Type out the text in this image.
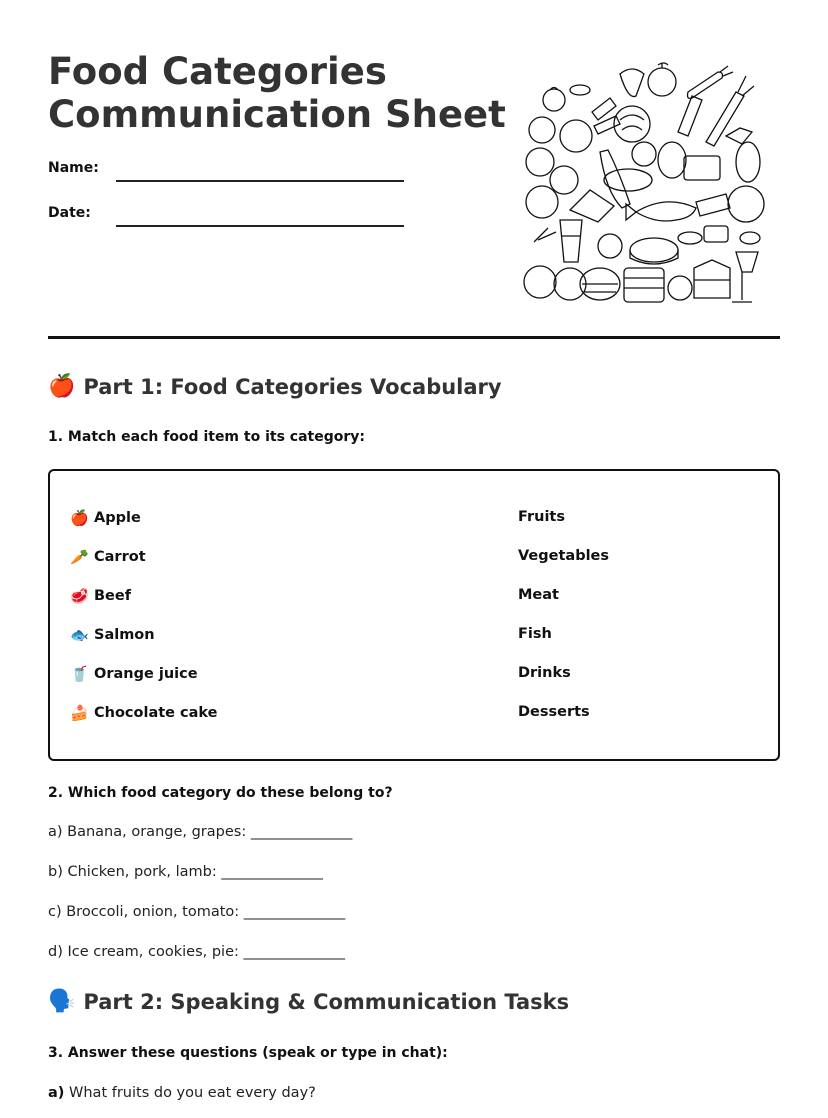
Food Categories
Communication Sheet
Name:
Date:
🍎 Part 1: Food Categories Vocabulary
1. Match each food item to its category:
🍎 Apple
🥕 Carrot
🥩 Beef
🐟 Salmon
🥤 Orange juice
🍰 Chocolate cake
Fruits
Vegetables
Meat
Fish
Drinks
Desserts
2. Which food category do these belong to?
a) Banana, orange, grapes: ______________
b) Chicken, pork, lamb: ______________
c) Broccoli, onion, tomato: ______________
d) Ice cream, cookies, pie: ______________
🗣️ Part 2: Speaking & Communication Tasks
3. Answer these questions (speak or type in chat):
a) What fruits do you eat every day?
